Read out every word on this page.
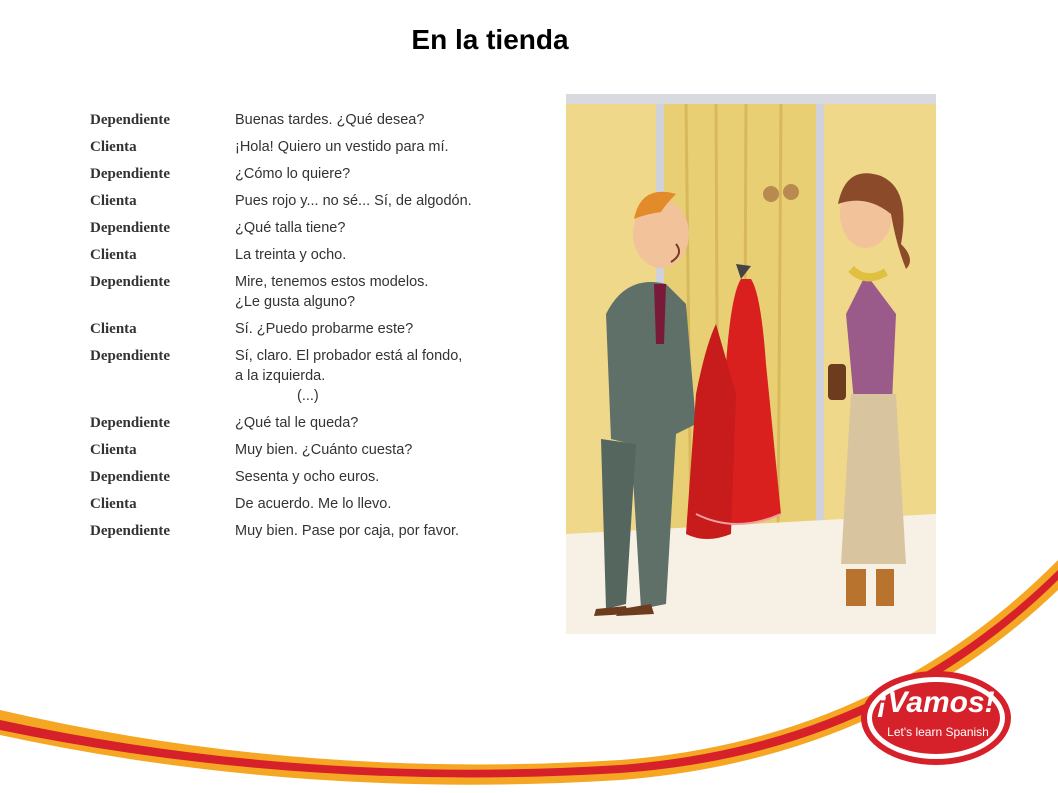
En la tienda
Dependiente	Buenas tardes. ¿Qué desea?
Clienta	¡Hola! Quiero un vestido para mí.
Dependiente	¿Cómo lo quiere?
Clienta	Pues rojo y... no sé... Sí, de algodón.
Dependiente	¿Qué talla tiene?
Clienta	La treinta y ocho.
Dependiente	Mire, tenemos estos modelos.
¿Le gusta alguno?
Clienta	Sí. ¿Puedo probarme este?
Dependiente	Sí, claro. El probador está al fondo,
a la izquierda.
(...)
Dependiente	¿Qué tal le queda?
Clienta	Muy bien. ¿Cuánto cuesta?
Dependiente	Sesenta y ocho euros.
Clienta	De acuerdo. Me lo llevo.
Dependiente	Muy bien. Pase por caja, por favor.
¡Vamos!
Let's learn Spanish
